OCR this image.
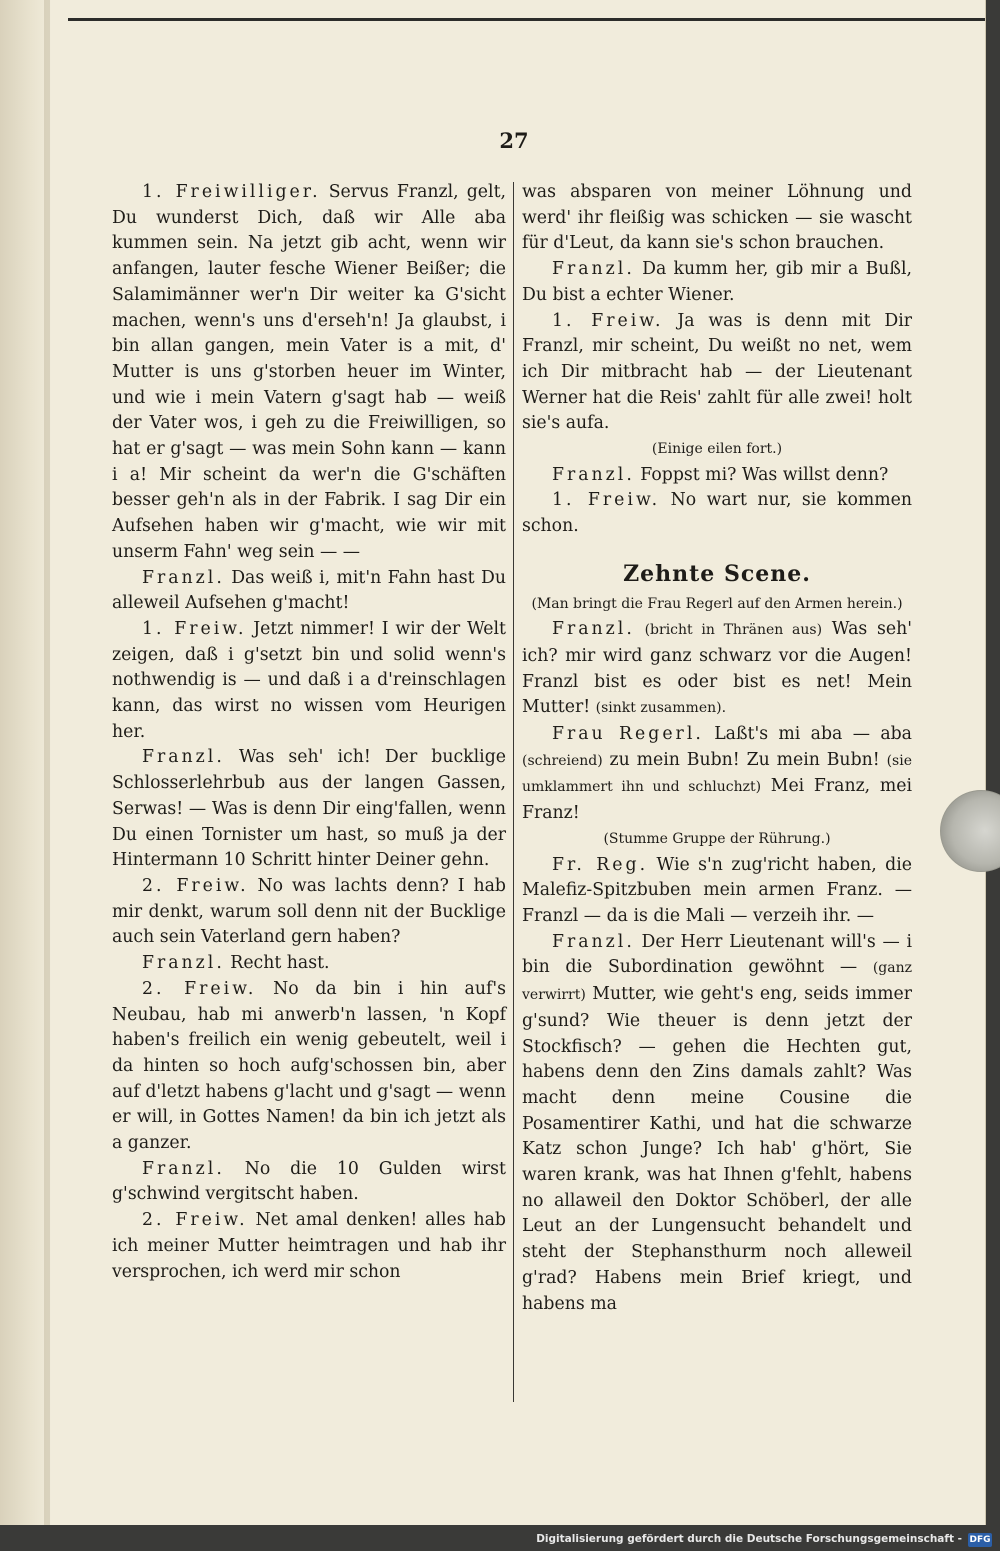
27

1. Freiwilliger. Servus Franzl, gelt, Du wunderst Dich, daß wir Alle aba kummen sein. Na jetzt gib acht, wenn wir anfangen, lauter fesche Wiener Beißer; die Salamimänner wer'n Dir weiter ka G'sicht machen, wenn's uns d'erseh'n! Ja glaubst, i bin allan gangen, mein Vater is a mit, d' Mutter is uns g'storben heuer im Winter, und wie i mein Vatern g'sagt hab — weiß der Vater wos, i geh zu die Freiwilligen, so hat er g'sagt — was mein Sohn kann — kann i a! Mir scheint da wer'n die G'schäften besser geh'n als in der Fabrik. I sag Dir ein Aufsehen haben wir g'macht, wie wir mit unserm Fahn' weg sein — —

Franzl. Das weiß i, mit'n Fahn hast Du alleweil Aufsehen g'macht!

1. Freiw. Jetzt nimmer! I wir der Welt zeigen, daß i g'setzt bin und solid wenn's nothwendig is — und daß i a d'reinschlagen kann, das wirst no wissen vom Heurigen her.

Franzl. Was seh' ich! Der bucklige Schlosserlehrbub aus der langen Gassen, Serwas! — Was is denn Dir eing'fallen, wenn Du einen Tornister um hast, so muß ja der Hintermann 10 Schritt hinter Deiner gehn.

2. Freiw. No was lachts denn? I hab mir denkt, warum soll denn nit der Bucklige auch sein Vaterland gern haben?

Franzl. Recht hast.

2. Freiw. No da bin i hin auf's Neubau, hab mi anwerb'n lassen, 'n Kopf haben's freilich ein wenig gebeutelt, weil i da hinten so hoch aufg'schossen bin, aber auf d'letzt habens g'lacht und g'sagt — wenn er will, in Gottes Namen! da bin ich jetzt als a ganzer.

Franzl. No die 10 Gulden wirst g'schwind vergitscht haben.

2. Freiw. Net amal denken! alles hab ich meiner Mutter heimtragen und hab ihr versprochen, ich werd mir schon

was absparen von meiner Löhnung und werd' ihr fleißig was schicken — sie wascht für d'Leut, da kann sie's schon brauchen.

Franzl. Da kumm her, gib mir a Bußl, Du bist a echter Wiener.

1. Freiw. Ja was is denn mit Dir Franzl, mir scheint, Du weißt no net, wem ich Dir mitbracht hab — der Lieutenant Werner hat die Reis' zahlt für alle zwei! holt sie's aufa.

(Einige eilen fort.)

Franzl. Foppst mi? Was willst denn?

1. Freiw. No wart nur, sie kommen schon.

Zehnte Scene.

(Man bringt die Frau Regerl auf den Armen herein.)

Franzl. (bricht in Thränen aus) Was seh' ich? mir wird ganz schwarz vor die Augen! Franzl bist es oder bist es net! Mein Mutter! (sinkt zusammen).

Frau Regerl. Laßt's mi aba — aba (schreiend) zu mein Bubn! Zu mein Bubn! (sie umklammert ihn und schluchzt) Mei Franz, mei Franz!

(Stumme Gruppe der Rührung.)

Fr. Reg. Wie s'n zug'richt haben, die Malefiz-Spitzbuben mein armen Franz. — Franzl — da is die Mali — verzeih ihr. —

Franzl. Der Herr Lieutenant will's — i bin die Subordination gewöhnt — (ganz verwirrt) Mutter, wie geht's eng, seids immer g'sund? Wie theuer is denn jetzt der Stockfisch? — gehen die Hechten gut, habens denn den Zins damals zahlt? Was macht denn meine Cousine die Posamentirer Kathi, und hat die schwarze Katz schon Junge? Ich hab' g'hört, Sie waren krank, was hat Ihnen g'fehlt, habens no allaweil den Doktor Schöberl, der alle Leut an der Lungensucht behandelt und steht der Stephansthurm noch alleweil g'rad? Habens mein Brief kriegt, und habens ma

Digitalisierung gefördert durch die Deutsche Forschungsgemeinschaft - DFG
